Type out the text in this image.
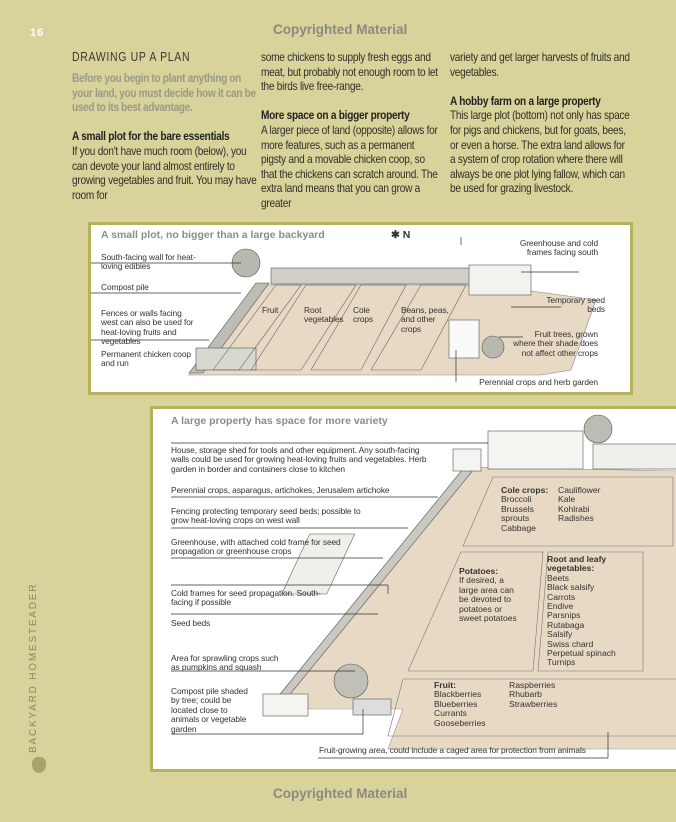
16	Copyrighted Material
DRAWING UP A PLAN

Before you begin to plant anything on your land, you must decide how it can be used to its best advantage.

A small plot for the bare essentials

If you don't have much room (below), you can devote your land almost entirely to growing vegetables and fruit. You may have room for

some chickens to supply fresh eggs and meat, but probably not enough room to let the birds live free-range.

More space on a bigger property

A larger piece of land (opposite) allows for more features, such as a permanent pigsty and a movable chicken coop, so that the chickens can scratch around. The extra land means that you can grow a greater

variety and get larger harvests of fruits and vegetables.

A hobby farm on a large property

This large plot (bottom) not only has space for pigs and chickens, but for goats, bees, or even a horse. The extra land allows for a system of crop rotation where there will always be one plot lying fallow, which can be used for grazing livestock.

A small plot, no bigger than a large backyard	✱ N
South-facing wall for heat-loving edibles
Compost pile
Fences or walls facing west can also be used for heat-loving fruits and vegetables
Permanent chicken coop and run
Greenhouse and cold frames facing south
Temporary seed beds
Fruit trees, grown where their shade does not affect other crops
Perennial crops and herb garden
Fruit	Root vegetables
Cole crops
Beans, peas, and other crops
A large property has space for more variety
House, storage shed for tools and other equipment. Any south-facing walls could be used for growing heat-loving fruits and vegetables. Herb garden in border and containers close to kitchen
Perennial crops, asparagus, artichokes, Jerusalem artichoke
Fencing protecting temporary seed beds; possible to grow heat-loving crops on west wall
Greenhouse, with attached cold frame for seed propagation or greenhouse crops
Cold frames for seed propagation. South-facing if possible
Seed beds
Area for sprawling crops such as pumpkins and squash
Compost pile shaded by tree; could be located close to animals or vegetable garden
Fruit-growing area, could include a caged area for protection from animals
Cole crops:
Broccoli
Brussels sprouts
Cabbage
Cauliflower
Kale
Kohlrabi
Radishes
Potatoes:
If desired, a large area can be devoted to potatoes or sweet potatoes
Root and leafy vegetables:
Beets
Black salsify
Carrots
Endive
Parsnips
Rutabaga
Salsify
Swiss chard
Perpetual spinach
Turnips
Fruit:
Blackberries
Blueberries
Currants
Gooseberries
Raspberries
Rhubarb
Strawberries
BACKYARD HOMESTEADER
Copyrighted Material
